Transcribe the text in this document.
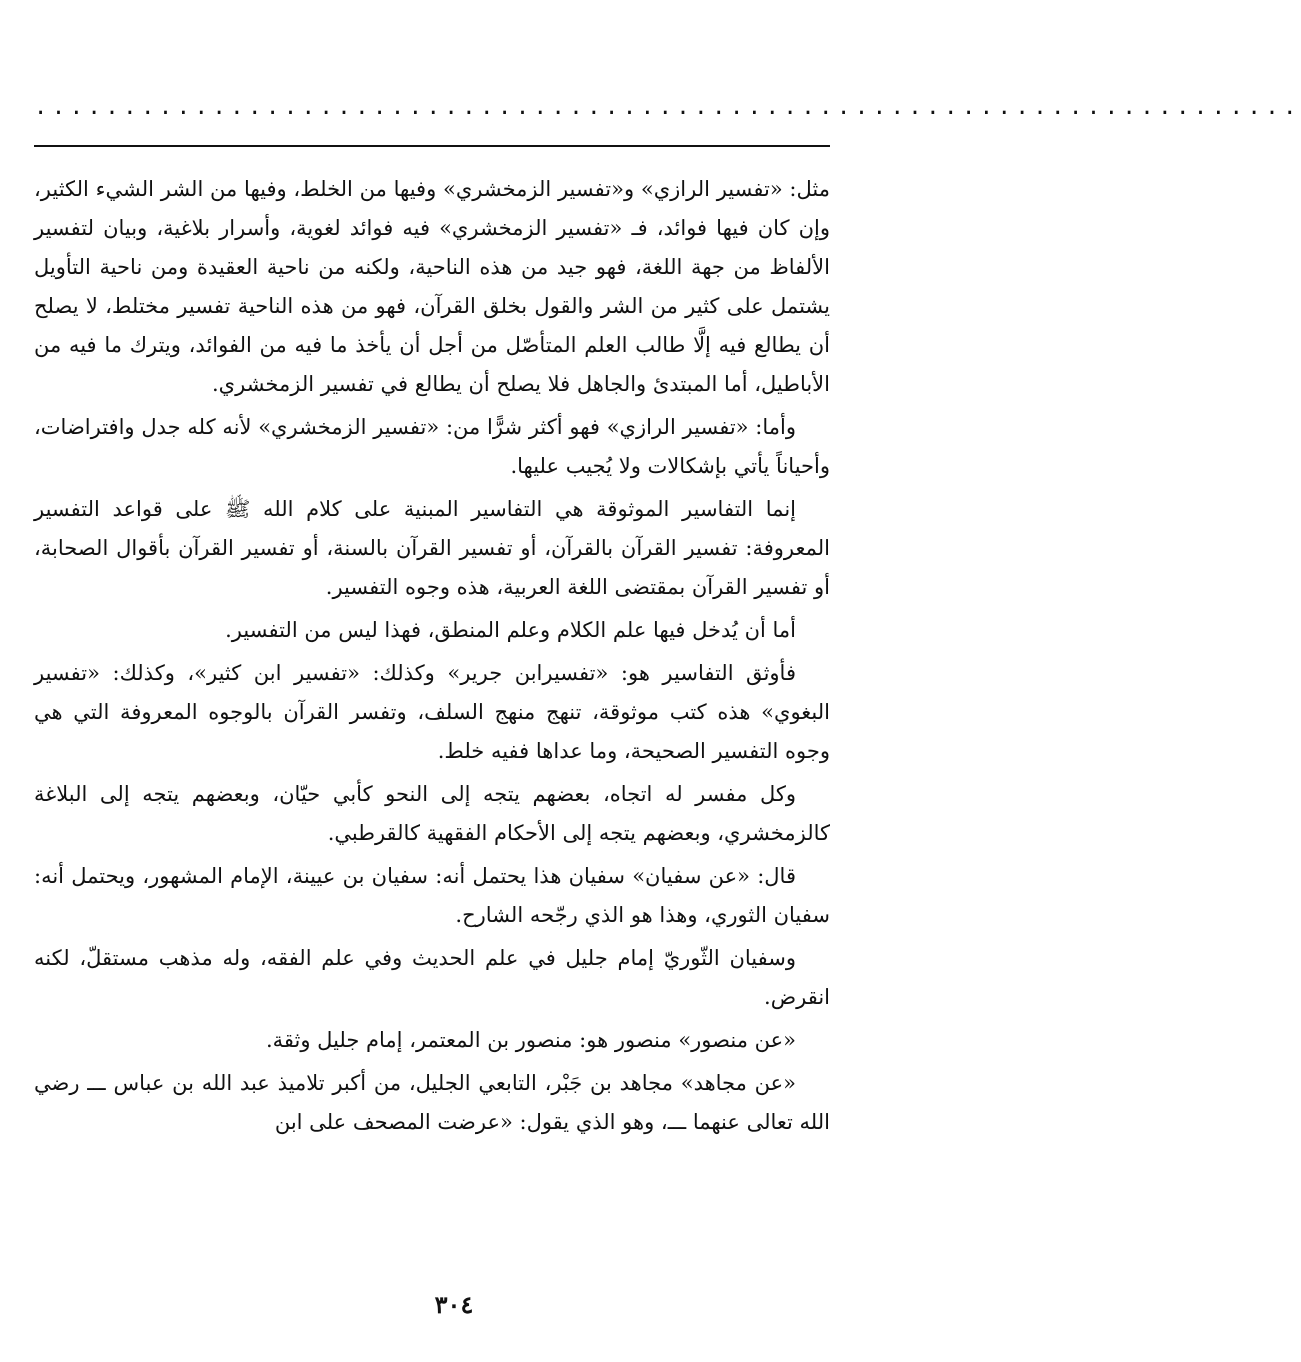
.......................................................................

مثل: «تفسير الرازي» و«تفسير الزمخشري» وفيها من الخلط، وفيها من الشر الشيء الكثير، وإن كان فيها فوائد، فـ «تفسير الزمخشري» فيه فوائد لغوية، وأسرار بلاغية، وبيان لتفسير الألفاظ من جهة اللغة، فهو جيد من هذه الناحية، ولكنه من ناحية العقيدة ومن ناحية التأويل يشتمل على كثير من الشر والقول بخلق القرآن، فهو من هذه الناحية تفسير مختلط، لا يصلح أن يطالع فيه إلَّا طالب العلم المتأصّل من أجل أن يأخذ ما فيه من الفوائد، ويترك ما فيه من الأباطيل، أما المبتدئ والجاهل فلا يصلح أن يطالع في تفسير الزمخشري.

وأما: «تفسير الرازي» فهو أكثر شرًّا من: «تفسير الزمخشري» لأنه كله جدل وافتراضات، وأحياناً يأتي بإشكالات ولا يُجيب عليها.

إنما التفاسير الموثوقة هي التفاسير المبنية على كلام الله ﷺ على قواعد التفسير المعروفة: تفسير القرآن بالقرآن، أو تفسير القرآن بالسنة، أو تفسير القرآن بأقوال الصحابة، أو تفسير القرآن بمقتضى اللغة العربية، هذه وجوه التفسير.

أما أن يُدخل فيها علم الكلام وعلم المنطق، فهذا ليس من التفسير.

فأوثق التفاسير هو: «تفسيرابن جرير» وكذلك: «تفسير ابن كثير»، وكذلك: «تفسير البغوي» هذه كتب موثوقة، تنهج منهج السلف، وتفسر القرآن بالوجوه المعروفة التي هي وجوه التفسير الصحيحة، وما عداها ففيه خلط.

وكل مفسر له اتجاه، بعضهم يتجه إلى النحو كأبي حيّان، وبعضهم يتجه إلى البلاغة كالزمخشري، وبعضهم يتجه إلى الأحكام الفقهية كالقرطبي.

قال: «عن سفيان» سفيان هذا يحتمل أنه: سفيان بن عيينة، الإمام المشهور، ويحتمل أنه: سفيان الثوري، وهذا هو الذي رجّحه الشارح.

وسفيان الثّوريّ إمام جليل في علم الحديث وفي علم الفقه، وله مذهب مستقلّ، لكنه انقرض.

«عن منصور» منصور هو: منصور بن المعتمر، إمام جليل وثقة.

«عن مجاهد» مجاهد بن جَبْر، التابعي الجليل، من أكبر تلاميذ عبد الله بن عباس ـــ رضي الله تعالى عنهما ـــ، وهو الذي يقول: «عرضت المصحف على ابن

٣٠٤
